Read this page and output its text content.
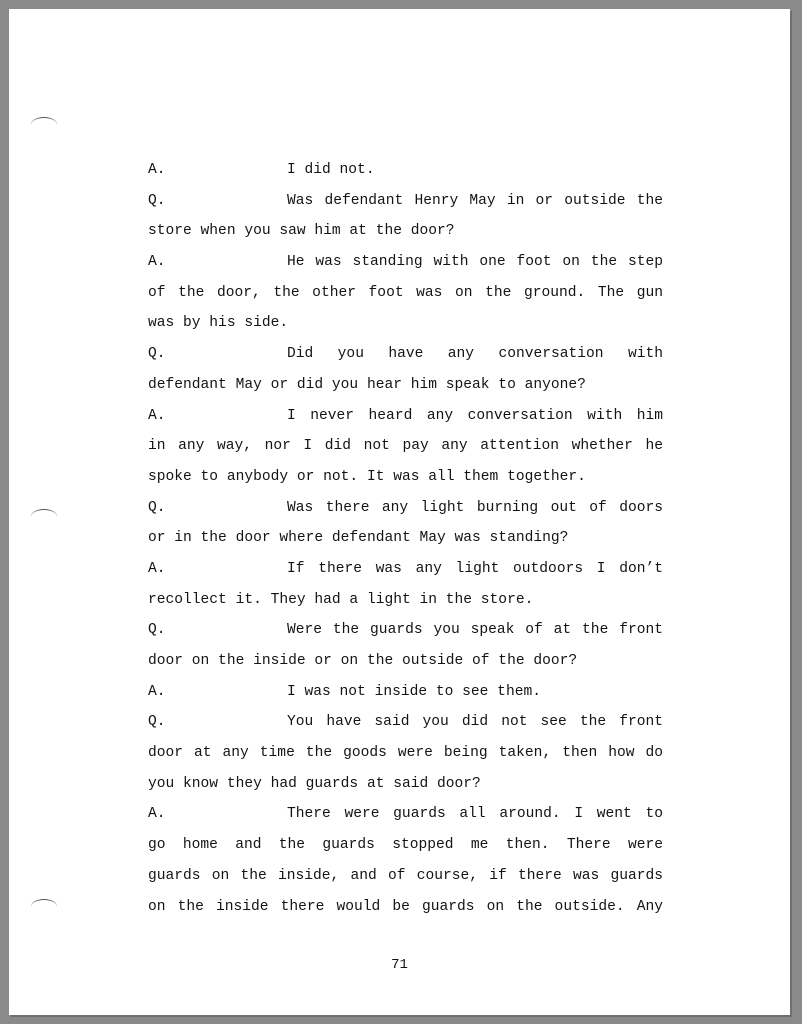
A.	I did not.
Q.	Was defendant Henry May in or outside the
store when you saw him at the door?
A.	He was standing with one foot on the step
of the door, the other foot was on the ground. The gun
was by his side.
Q.	Did you have any conversation with
defendant May or did you hear him speak to anyone?
A.	I never heard any conversation with him
in any way, nor I did not pay any attention whether he
spoke to anybody or not. It was all them together.
Q.	Was there any light burning out of doors
or in the door where defendant May was standing?
A.	If there was any light outdoors I don’t
recollect it. They had a light in the store.
Q.	Were the guards you speak of at the front
door on the inside or on the outside of the door?
A.	I was not inside to see them.
Q.	You have said you did not see the front
door at any time the goods were being taken, then how do
you know they had guards at said door?
A.	There were guards all around. I went to
go home and the guards stopped me then. There were
guards on the inside, and of course, if there was guards
on the inside there would be guards on the outside. Any
71
